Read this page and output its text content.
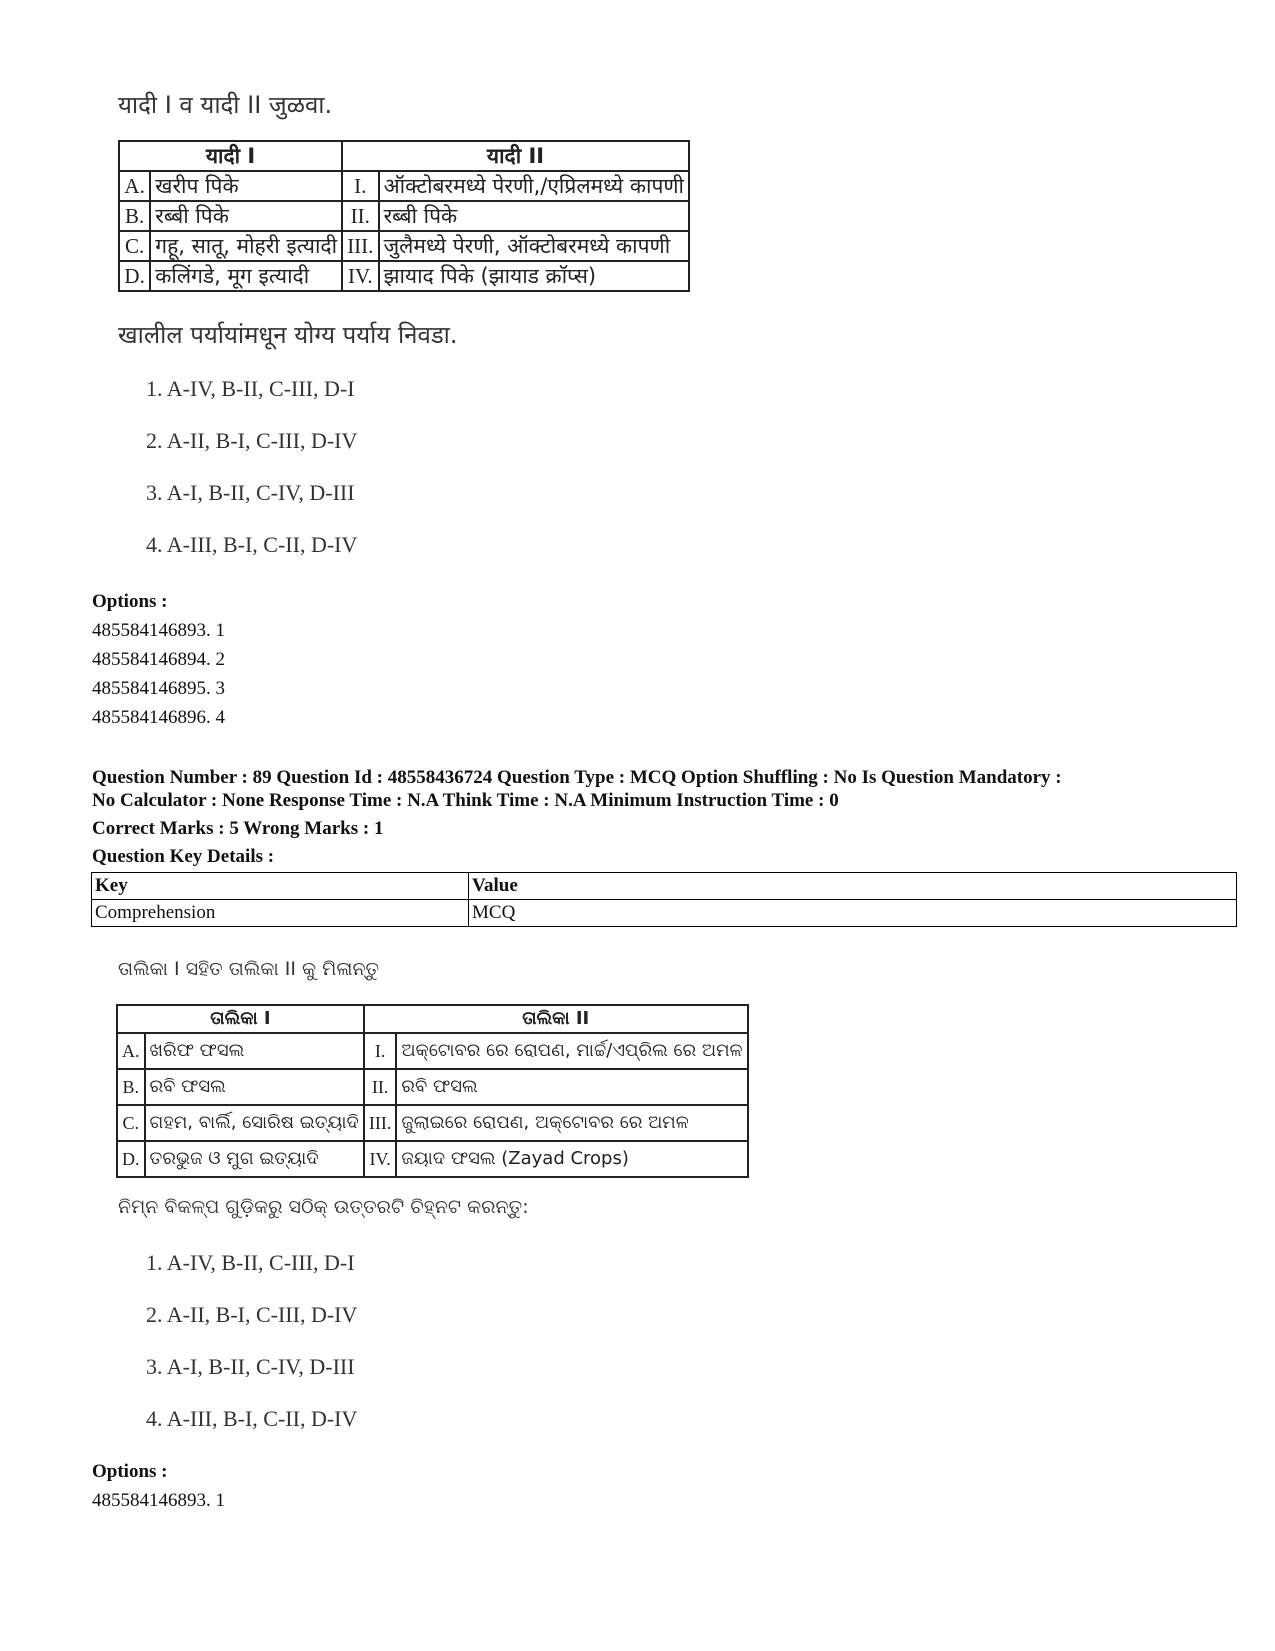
यादी I व यादी II जुळवा.
यादी I		यादी II	
A.	खरीप पिके	I.	ऑक्टोबरमध्ये पेरणी,/एप्रिलमध्ये कापणी
B.	रब्बी पिके	II.	रब्बी पिके
C.	गहू, सातू, मोहरी इत्यादी	III.	जुलैमध्ये पेरणी, ऑक्टोबरमध्ये कापणी
D.	कलिंगडे, मूग इत्यादी	IV.	झायाद पिके (झायाड क्रॉप्स)
खालील पर्यायांमधून योग्य पर्याय निवडा.
1. A-IV, B-II, C-III, D-I
2. A-II, B-I, C-III, D-IV
3. A-I, B-II, C-IV, D-III
4. A-III, B-I, C-II, D-IV
Options :
485584146893. 1
485584146894. 2
485584146895. 3
485584146896. 4
Question Number : 89 Question Id : 48558436724 Question Type : MCQ Option Shuffling : No Is Question Mandatory :
No Calculator : None Response Time : N.A Think Time : N.A Minimum Instruction Time : 0
Correct Marks : 5 Wrong Marks : 1
Question Key Details :
Key	Value
Comprehension	MCQ
ତାଲିକା I ସହିତ ତାଲିକା II କୁ ମିଳାନ୍ତୁ
ତାଲିକା I		ତାଲିକା II	
A.	ଖରିଫ ଫସଲ	I.	ଅକ୍ଟୋବର ରେ ରୋପଣ, ମାର୍ଚ୍ଚ/ଏପ୍ରିଲ ରେ ଅମଳ
B.	ରବି ଫସଲ	II.	ରବି ଫସଲ
C.	ଗହମ, ବାର୍ଲି, ସୋରିଷ ଇତ୍ୟାଦି	III.	ଜୁଲାଇରେ ରୋପଣ, ଅକ୍ଟୋବର ରେ ଅମଳ
D.	ତରଭୁଜ ଓ ମୁଗ ଇତ୍ୟାଦି	IV.	ଜୟାଦ ଫସଲ (Zayad Crops)
ନିମ୍ନ ବିକଳ୍ପ ଗୁଡ଼ିକରୁ ସଠିକ୍ ଉତ୍ତରଟି ଚିହ୍ନଟ କରନ୍ତୁ:
1. A-IV, B-II, C-III, D-I
2. A-II, B-I, C-III, D-IV
3. A-I, B-II, C-IV, D-III
4. A-III, B-I, C-II, D-IV
Options :
485584146893. 1
